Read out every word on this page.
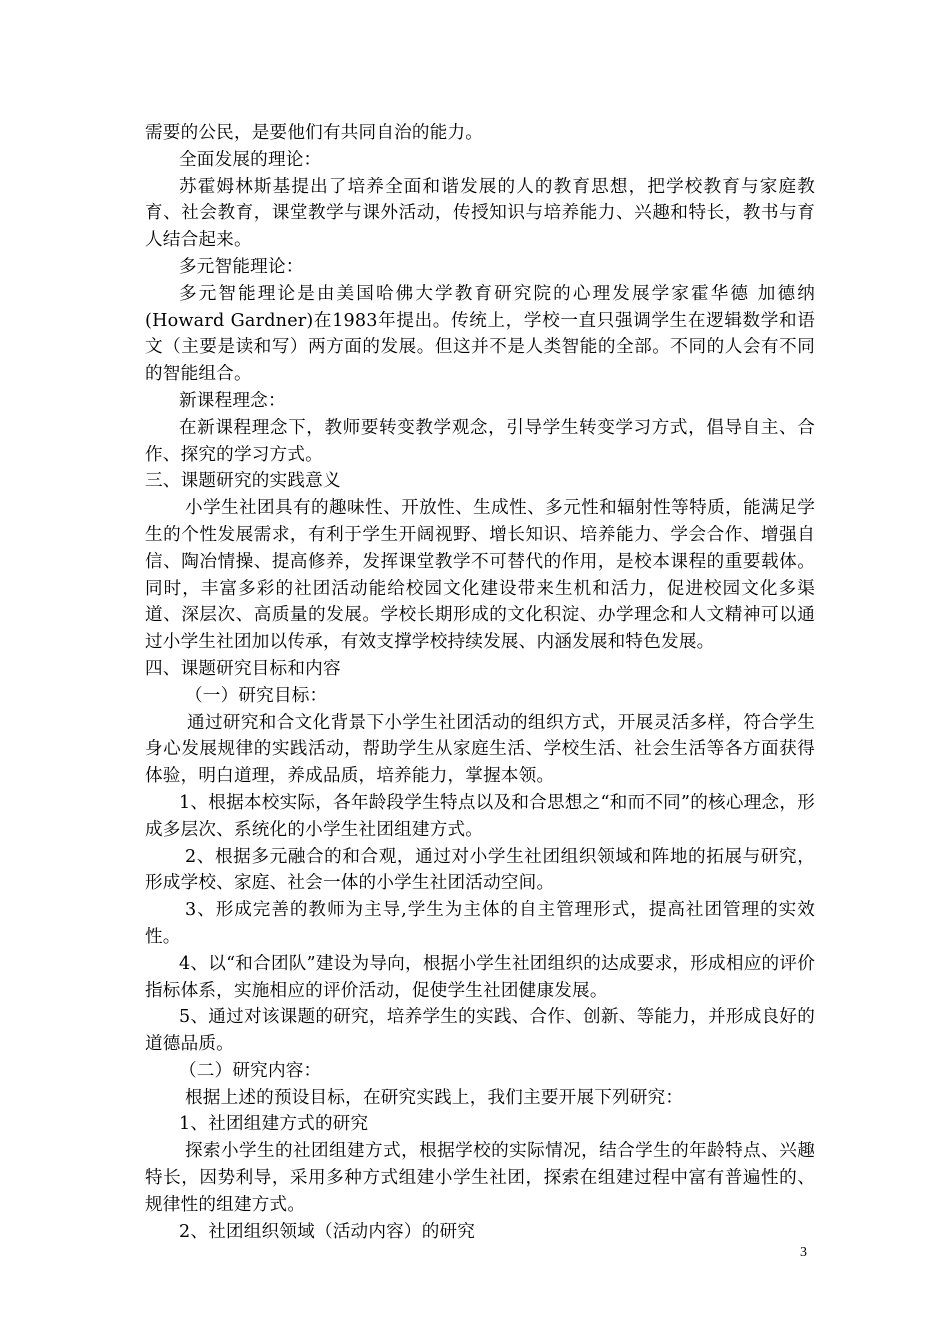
需要的公民，是要他们有共同自治的能力。

全面发展的理论：

苏霍姆林斯基提出了培养全面和谐发展的人的教育思想，把学校教育与家庭教育、社会教育，课堂教学与课外活动，传授知识与培养能力、兴趣和特长，教书与育人结合起来。

多元智能理论：

多元智能理论是由美国哈佛大学教育研究院的心理发展学家霍华德 加德纳(Howard Gardner)在1983年提出。传统上，学校一直只强调学生在逻辑数学和语文（主要是读和写）两方面的发展。但这并不是人类智能的全部。不同的人会有不同的智能组合。

新课程理念：

在新课程理念下，教师要转变教学观念，引导学生转变学习方式，倡导自主、合作、探究的学习方式。

三、课题研究的实践意义

小学生社团具有的趣味性、开放性、生成性、多元性和辐射性等特质，能满足学生的个性发展需求，有利于学生开阔视野、增长知识、培养能力、学会合作、增强自信、陶冶情操、提高修养，发挥课堂教学不可替代的作用，是校本课程的重要载体。同时，丰富多彩的社团活动能给校园文化建设带来生机和活力，促进校园文化多渠道、深层次、高质量的发展。学校长期形成的文化积淀、办学理念和人文精神可以通过小学生社团加以传承，有效支撑学校持续发展、内涵发展和特色发展。

四、课题研究目标和内容

（一）研究目标：

通过研究和合文化背景下小学生社团活动的组织方式，开展灵活多样，符合学生身心发展规律的实践活动，帮助学生从家庭生活、学校生活、社会生活等各方面获得体验，明白道理，养成品质，培养能力，掌握本领。

1、根据本校实际，各年龄段学生特点以及和合思想之“和而不同”的核心理念，形成多层次、系统化的小学生社团组建方式。

2、根据多元融合的和合观，通过对小学生社团组织领域和阵地的拓展与研究，形成学校、家庭、社会一体的小学生社团活动空间。

3、形成完善的教师为主导,学生为主体的自主管理形式，提高社团管理的实效性。

4、以“和合团队”建设为导向，根据小学生社团组织的达成要求，形成相应的评价指标体系，实施相应的评价活动，促使学生社团健康发展。

5、通过对该课题的研究，培养学生的实践、合作、创新、等能力，并形成良好的道德品质。

（二）研究内容：

根据上述的预设目标，在研究实践上，我们主要开展下列研究：

1、社团组建方式的研究

探索小学生的社团组建方式，根据学校的实际情况，结合学生的年龄特点、兴趣特长，因势利导，采用多种方式组建小学生社团，探索在组建过程中富有普遍性的、规律性的组建方式。

2、社团组织领域（活动内容）的研究

3
